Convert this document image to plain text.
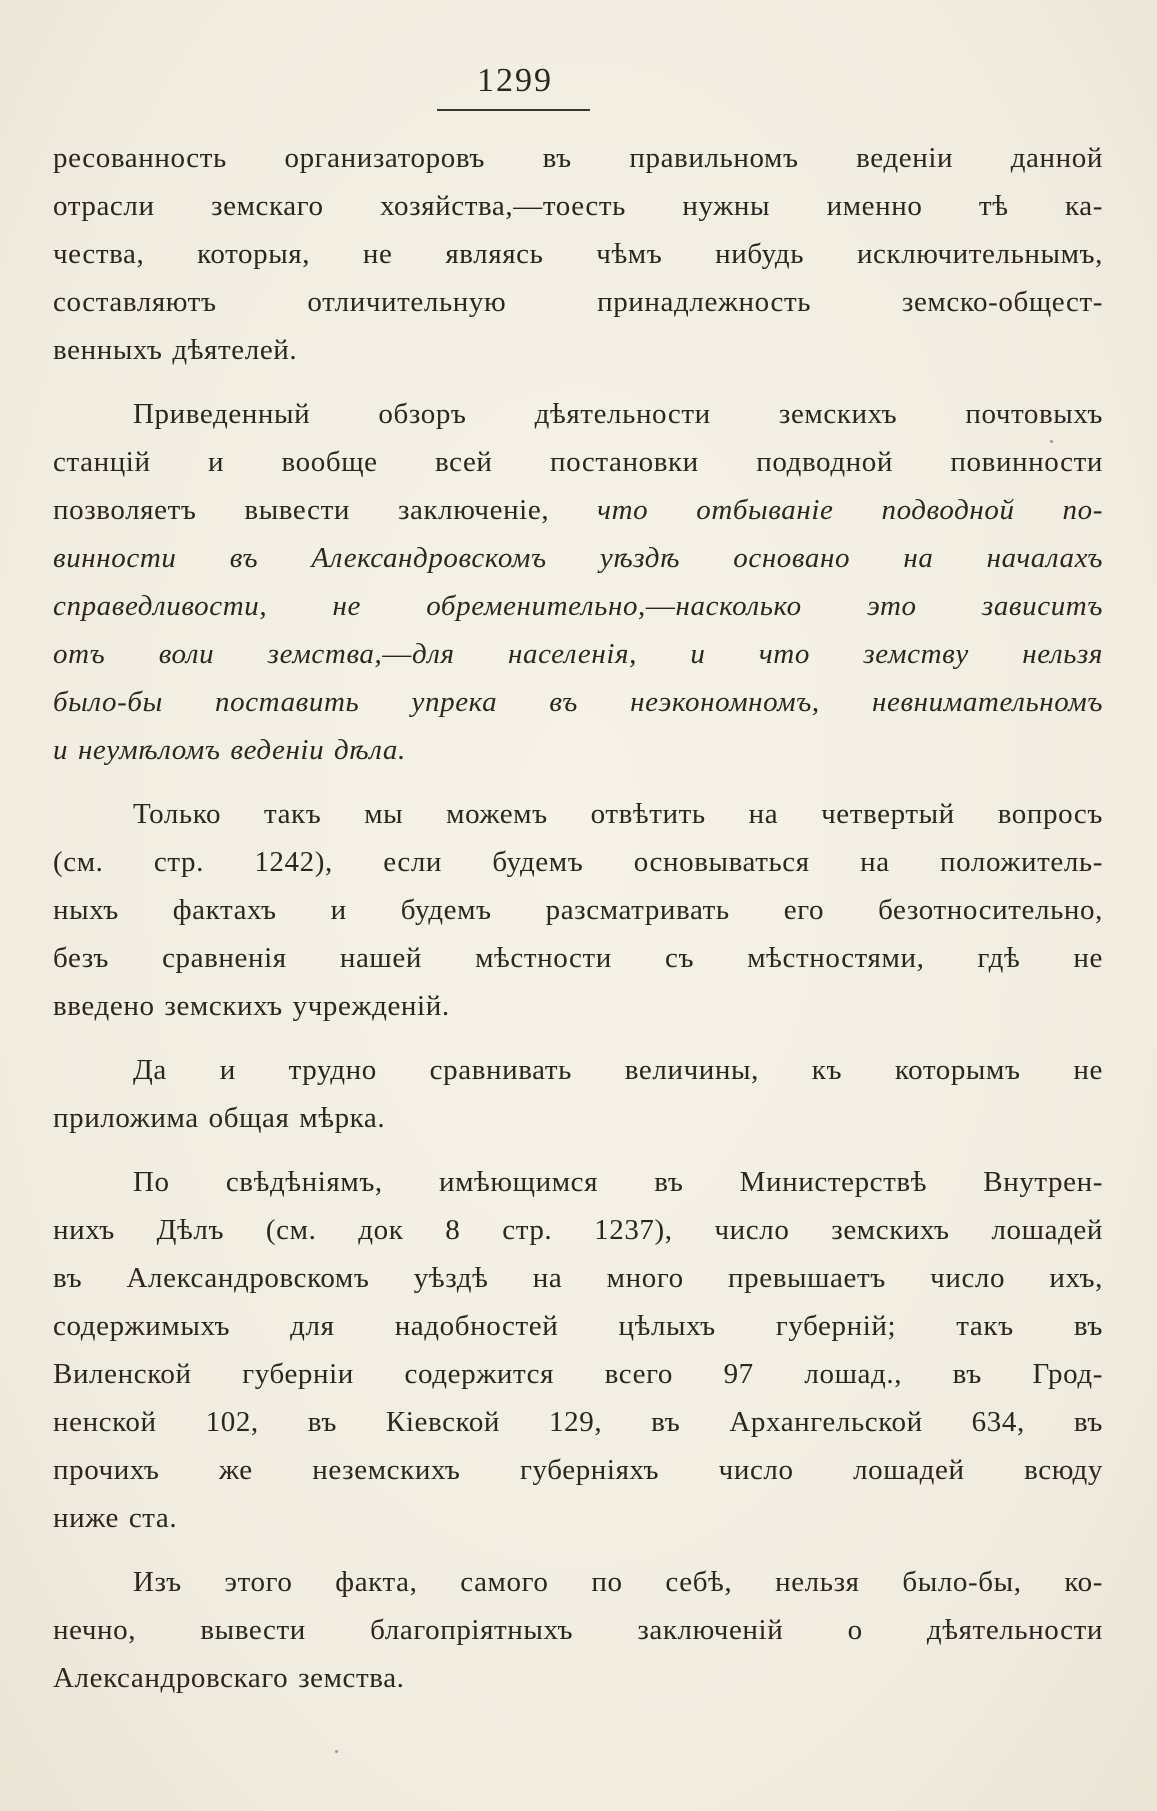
1299
ресованность организаторовъ въ правильномъ веденіи данной
отрасли земскаго хозяйства,—тоесть нужны именно тѣ ка-
чества, которыя, не являясь чѣмъ нибудь исключительнымъ,
составляютъ отличительную принадлежность земско-общест-
венныхъ дѣятелей.
Приведенный обзоръ дѣятельности земскихъ почтовыхъ
станцій и вообще всей постановки подводной повинности
позволяетъ вывести заключеніе, что отбываніе подводной по-
винности въ Александровскомъ уѣздѣ основано на началахъ
справедливости, не обременительно,—насколько это зависитъ
отъ воли земства,—для населенія, и что земству нельзя
было-бы поставить упрека въ неэкономномъ, невнимательномъ
и неумѣломъ веденіи дѣла.
Только такъ мы можемъ отвѣтить на четвертый вопросъ
(см. стр. 1242), если будемъ основываться на положитель-
ныхъ фактахъ и будемъ разсматривать его безотносительно,
безъ сравненія нашей мѣстности съ мѣстностями, гдѣ не
введено земскихъ учрежденій.
Да и трудно сравнивать величины, къ которымъ не
приложима общая мѣрка.
По свѣдѣніямъ, имѣющимся въ Министерствѣ Внутрен-
нихъ Дѣлъ (см. док 8 стр. 1237), число земскихъ лошадей
въ Александровскомъ уѣздѣ на много превышаетъ число ихъ,
содержимыхъ для надобностей цѣлыхъ губерній; такъ въ
Виленской губерніи содержится всего 97 лошад., въ Грод-
ненской 102, въ Кіевской 129, въ Архангельской 634, въ
прочихъ же неземскихъ губерніяхъ число лошадей всюду
ниже ста.
Изъ этого факта, самого по себѣ, нельзя было-бы, ко-
нечно, вывести благопріятныхъ заключеній о дѣятельности
Александровскаго земства.
